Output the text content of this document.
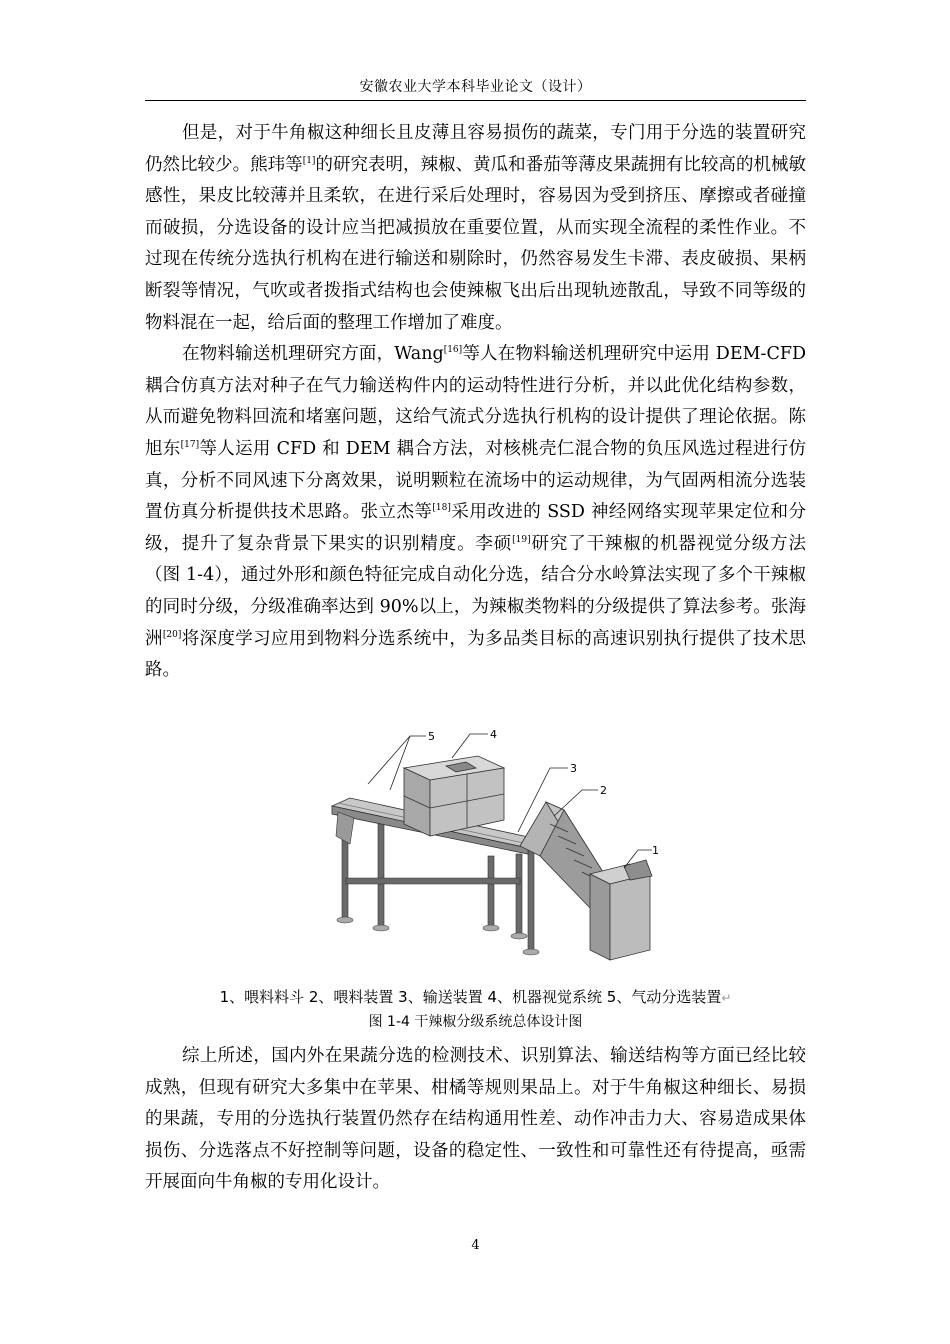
安徽农业大学本科毕业论文（设计）

但是，对于牛角椒这种细长且皮薄且容易损伤的蔬菜，专门用于分选的装置研究仍然比较少。熊玮等[1]的研究表明，辣椒、黄瓜和番茄等薄皮果蔬拥有比较高的机械敏感性，果皮比较薄并且柔软，在进行采后处理时，容易因为受到挤压、摩擦或者碰撞而破损，分选设备的设计应当把减损放在重要位置，从而实现全流程的柔性作业。不过现在传统分选执行机构在进行输送和剔除时，仍然容易发生卡滞、表皮破损、果柄断裂等情况，气吹或者拨指式结构也会使辣椒飞出后出现轨迹散乱，导致不同等级的物料混在一起，给后面的整理工作增加了难度。

在物料输送机理研究方面，Wang[16]等人在物料输送机理研究中运用 DEM-CFD 耦合仿真方法对种子在气力输送构件内的运动特性进行分析，并以此优化结构参数，从而避免物料回流和堵塞问题，这给气流式分选执行机构的设计提供了理论依据。陈旭东[17]等人运用 CFD 和 DEM 耦合方法，对核桃壳仁混合物的负压风选过程进行仿真，分析不同风速下分离效果，说明颗粒在流场中的运动规律，为气固两相流分选装置仿真分析提供技术思路。张立杰等[18]采用改进的 SSD 神经网络实现苹果定位和分级，提升了复杂背景下果实的识别精度。李硕[19]研究了干辣椒的机器视觉分级方法（图 1-4），通过外形和颜色特征完成自动化分选，结合分水岭算法实现了多个干辣椒的同时分级，分级准确率达到 90%以上，为辣椒类物料的分级提供了算法参考。张海洲[20]将深度学习应用到物料分选系统中，为多品类目标的高速识别执行提供了技术思路。

5	4
3
2
1
1、喂料料斗 2、喂料装置 3、输送装置 4、机器视觉系统 5、气动分选装置↵
图 1-4 干辣椒分级系统总体设计图

综上所述，国内外在果蔬分选的检测技术、识别算法、输送结构等方面已经比较成熟，但现有研究大多集中在苹果、柑橘等规则果品上。对于牛角椒这种细长、易损的果蔬，专用的分选执行装置仍然存在结构通用性差、动作冲击力大、容易造成果体损伤、分选落点不好控制等问题，设备的稳定性、一致性和可靠性还有待提高，亟需开展面向牛角椒的专用化设计。

4
